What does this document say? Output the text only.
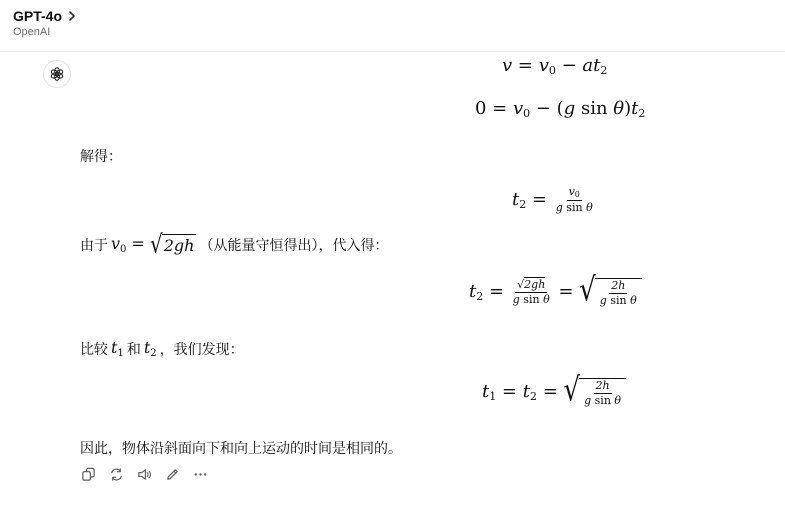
GPT-4o
OpenAI
$v = v_0 - at_2$
$0 = v_0 - (g$ $\sin \theta)t_2$
解得：
$t_2 = \frac{v_0}{\text{g sin θ}}$
由于 $v_0$ = √ 2gh （从能量守恒得出），代入得：
$t_2 = \frac{√2gh}{\text{g sin θ}}$ = √ $\frac{2h}{\text{g sin θ}}$
比较 $t_1$ 和 $t_2$ ，我们发现：
$t_1 = t_2$ = √ $\frac{2h}{\text{g sin θ}}$
因此，物体沿斜面向下和向上运动的时间是相同的。
